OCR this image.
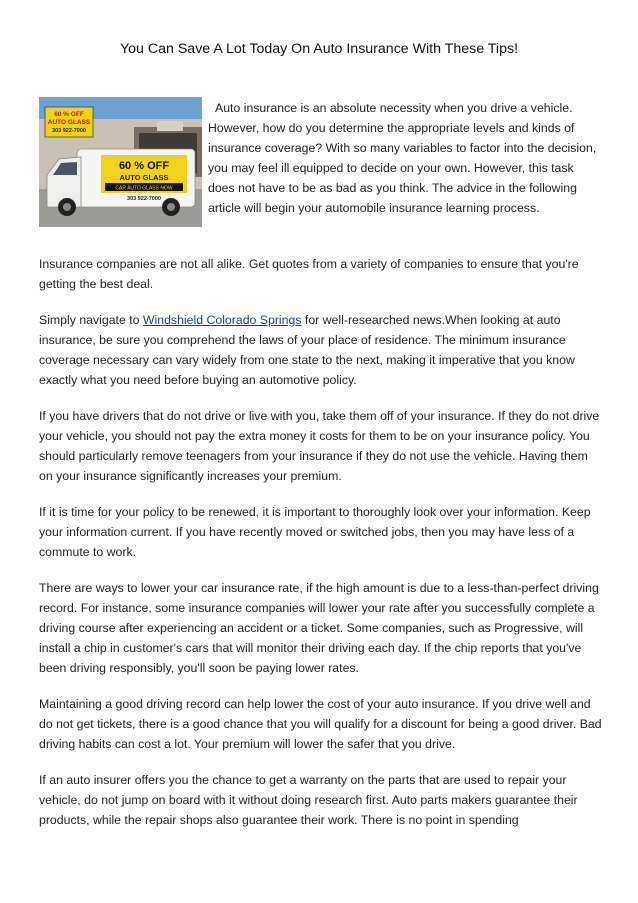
You Can Save A Lot Today On Auto Insurance With These Tips!
60 % OFF
AUTO GLASS
303 922-7000
60 % OFF
AUTO GLASS
CAR AUTO GLASS NOW
303 922-7000

Auto insurance is an absolute necessity when you drive a vehicle. However, how do you determine the appropriate levels and kinds of insurance coverage? With so many variables to factor into the decision, you may feel ill equipped to decide on your own. However, this task does not have to be as bad as you think. The advice in the following article will begin your automobile insurance learning process.

Insurance companies are not all alike. Get quotes from a variety of companies to ensure that you're getting the best deal.

Simply navigate to Windshield Colorado Springs for well-researched news.When looking at auto insurance, be sure you comprehend the laws of your place of residence. The minimum insurance coverage necessary can vary widely from one state to the next, making it imperative that you know exactly what you need before buying an automotive policy.

If you have drivers that do not drive or live with you, take them off of your insurance. If they do not drive your vehicle, you should not pay the extra money it costs for them to be on your insurance policy. You should particularly remove teenagers from your insurance if they do not use the vehicle. Having them on your insurance significantly increases your premium.

If it is time for your policy to be renewed, it is important to thoroughly look over your information. Keep your information current. If you have recently moved or switched jobs, then you may have less of a commute to work.

There are ways to lower your car insurance rate, if the high amount is due to a less-than-perfect driving record. For instance, some insurance companies will lower your rate after you successfully complete a driving course after experiencing an accident or a ticket. Some companies, such as Progressive, will install a chip in customer's cars that will monitor their driving each day. If the chip reports that you've been driving responsibly, you'll soon be paying lower rates.

Maintaining a good driving record can help lower the cost of your auto insurance. If you drive well and do not get tickets, there is a good chance that you will qualify for a discount for being a good driver. Bad driving habits can cost a lot. Your premium will lower the safer that you drive.

If an auto insurer offers you the chance to get a warranty on the parts that are used to repair your vehicle, do not jump on board with it without doing research first. Auto parts makers guarantee their products, while the repair shops also guarantee their work. There is no point in spending
